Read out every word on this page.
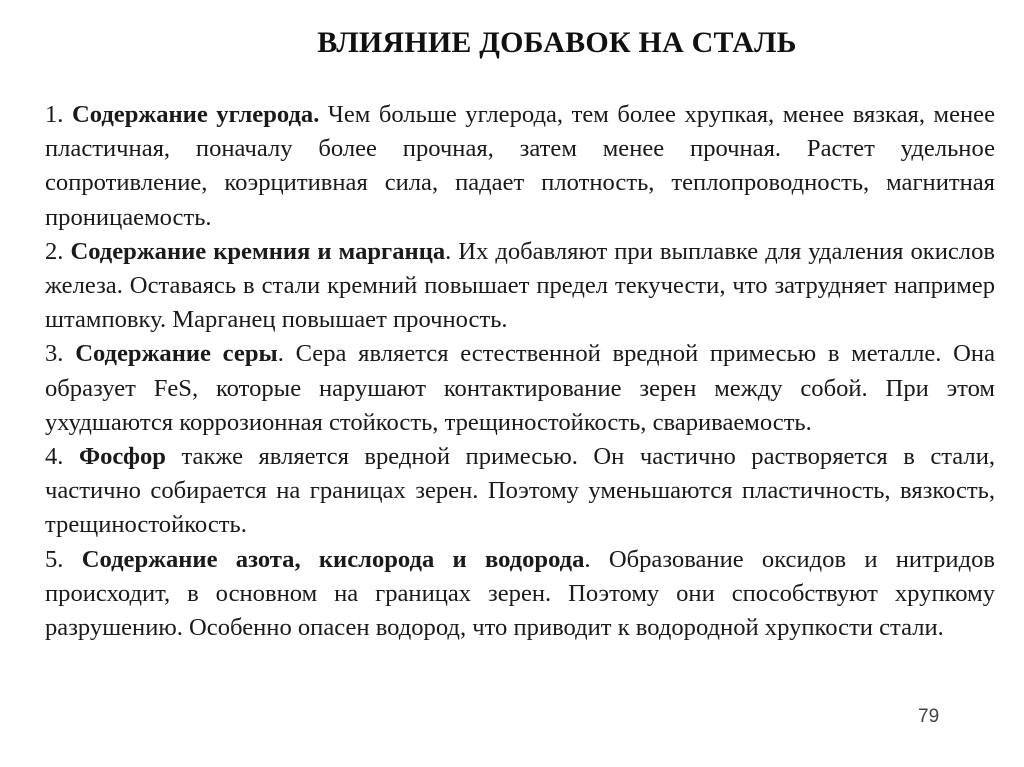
ВЛИЯНИЕ ДОБАВОК НА СТАЛЬ

1. Содержание углерода. Чем больше углерода, тем более хрупкая, менее вязкая, менее пластичная, поначалу более прочная, затем менее прочная. Растет удельное сопротивление, коэрцитивная сила, падает плотность, теплопроводность, магнитная проницаемость.

2. Содержание кремния и марганца. Их добавляют при выплавке для удаления окислов железа. Оставаясь в стали кремний повышает предел текучести, что затрудняет например штамповку. Марганец повышает прочность.

3. Содержание серы. Сера является естественной вредной примесью в металле. Она образует FeS, которые нарушают контактирование зерен между собой. При этом ухудшаются коррозионная стойкость, трещиностойкость, свариваемость.

4. Фосфор также является вредной примесью. Он частично растворяется в стали, частично собирается на границах зерен. Поэтому уменьшаются пластичность, вязкость, трещиностойкость.

5. Содержание азота, кислорода и водорода. Образование оксидов и нитридов происходит, в основном на границах зерен. Поэтому они способствуют хрупкому разрушению. Особенно опасен водород, что приводит к водородной хрупкости стали.

79
